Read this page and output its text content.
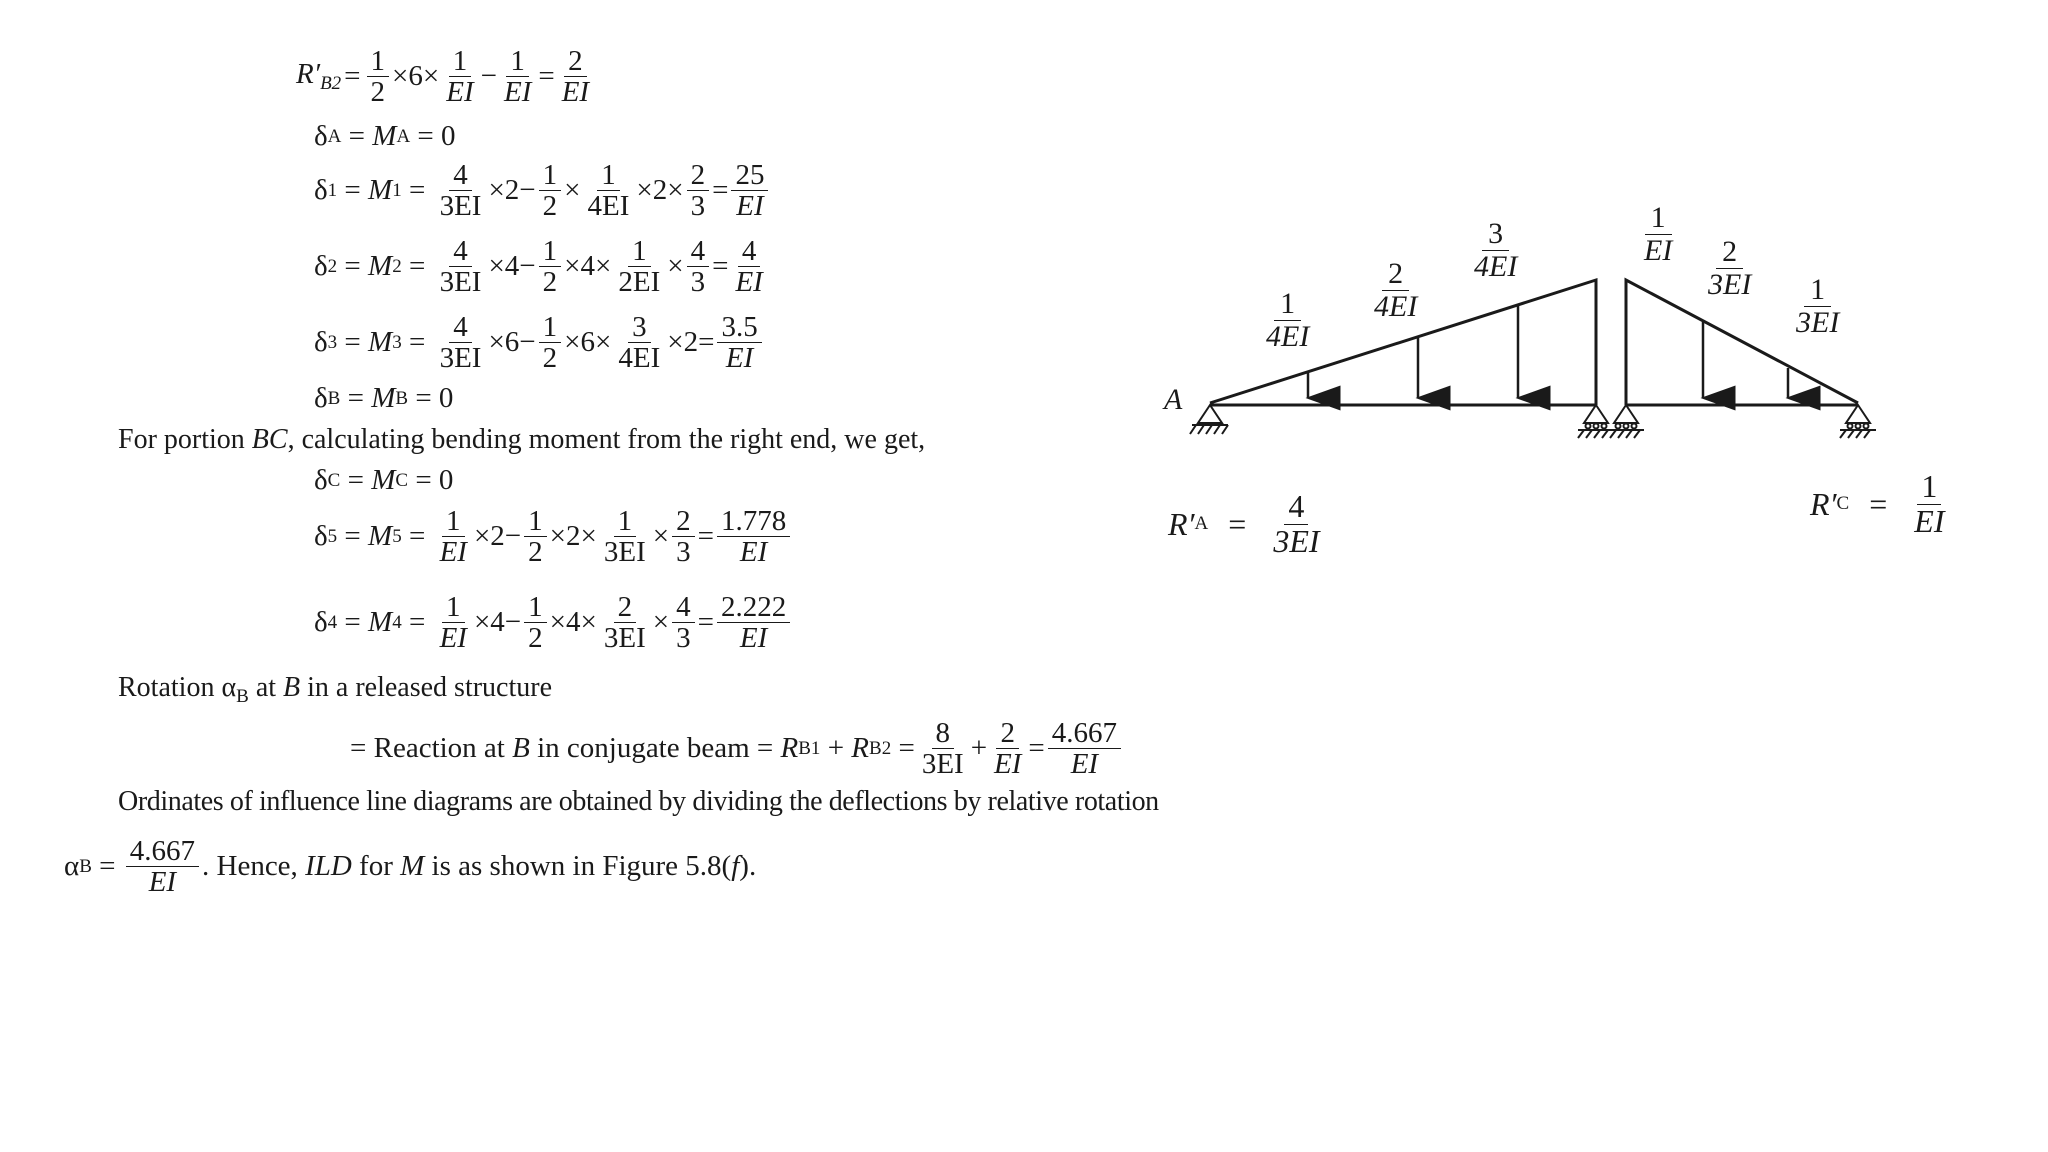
$R'_{B2} = \frac{1}{2} \times 6\times \frac{1}{EI} - \frac{1}{EI} = \frac{2}{EI}$
δ A = M A = 0
δ 1 = M $1 = \frac{4}{3EI} \times 2- \frac{1}{2} \times \frac{1}{4EI} \times 2\times \frac{2}{3} = \frac{25}{EI}$
δ 2 = M $2 = \frac{4}{3EI} \times 4- \frac{1}{2} \times 4\times \frac{1}{2EI} \times \frac{4}{3} = \frac{4}{EI}$
δ 3 = M $3 = \frac{4}{3EI} \times 6- \frac{1}{2} \times 6\times \frac{3}{4EI} \times 2= \frac{3.5}{EI}$
δ B = M B = 0
For portion BC, calculating bending moment from the right end, we get,
δ C = M C = 0
δ 5 = M $5 = \frac{1}{EI} \times 2- \frac{1}{2} \times 2\times \frac{1}{3EI} \times \frac{2}{3} = \frac{1.778}{EI}$
δ 4 = M $4 = \frac{1}{EI} \times 4- \frac{1}{2} \times 4\times \frac{2}{3EI} \times \frac{4}{3} = \frac{2.222}{EI}$
Rotation $\alpha_B$ at B in a released structure
= Reaction at B in conjugate beam = R B1 + R $B2 = \frac{8}{3EI} + \frac{2}{EI} = \frac{4.667}{EI}$
Ordinates of influence line diagrams are obtained by dividing the deflections by relative rotation
α $B = \frac{4.667}{EI}$ . Hence, ILD for M is as shown in Figure 5.8( f ).
A
1
4EI
2
4EI
3
4EI
1
EI 2
3EI 1
3EI
R′ $A = \frac{4}{3EI}$	R′ $C = \frac{1}{EI}$
